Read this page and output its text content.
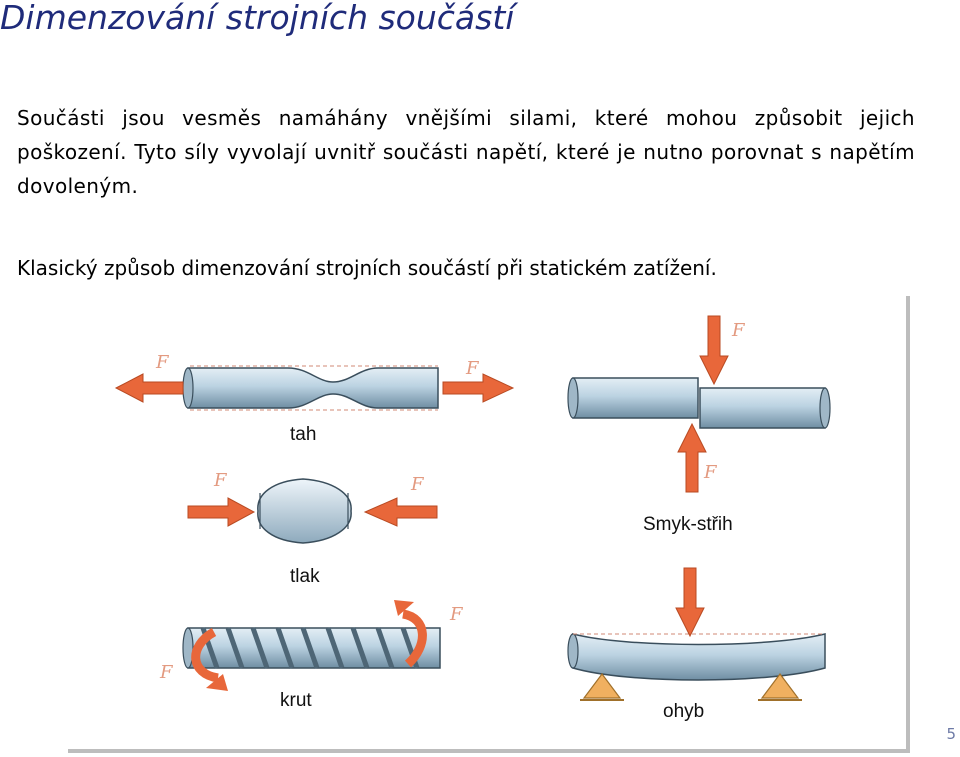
Dimenzování strojních součástí

Součásti jsou vesměs namáhány vnějšími silami, které mohou způsobit jejich poškození. Tyto síly vyvolají uvnitř součásti napětí, které je nutno porovnat s napětím dovoleným.

Klasický způsob dimenzování strojních součástí při statickém zatížení.

F	F
F	F
F
F
F
F
tah
tlak
krut
Smyk-střih
ohyb
5
